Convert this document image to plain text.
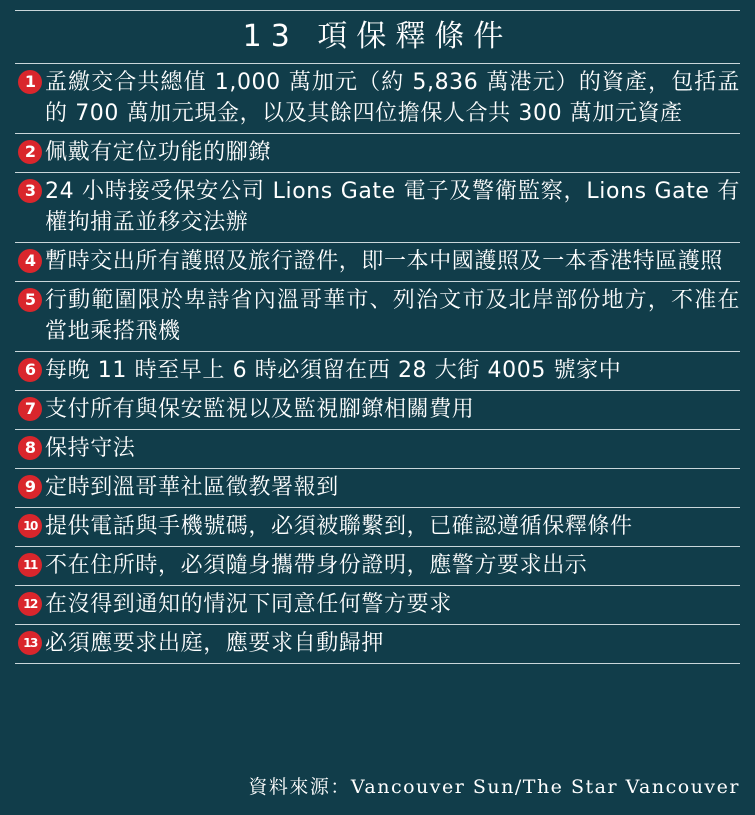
13 項保釋條件
1 孟繳交合共總值 1,000 萬加元（約 5,836 萬港元）的資產，包括孟的 700 萬加元現金，以及其餘四位擔保人合共 300 萬加元資產
2 佩戴有定位功能的腳鐐
3 24 小時接受保安公司 Lions Gate 電子及警衛監察，Lions Gate 有權拘捕孟並移交法辦
4 暫時交出所有護照及旅行證件，即一本中國護照及一本香港特區護照
5 行動範圍限於卑詩省內溫哥華市、列治文市及北岸部份地方，不准在當地乘搭飛機
6 每晚 11 時至早上 6 時必須留在西 28 大街 4005 號家中
7 支付所有與保安監視以及監視腳鐐相關費用
8 保持守法
9 定時到溫哥華社區徵教署報到
10 提供電話與手機號碼，必須被聯繫到，已確認遵循保釋條件
11 不在住所時，必須隨身攜帶身份證明，應警方要求出示
12 在沒得到通知的情況下同意任何警方要求
13 必須應要求出庭，應要求自動歸押
資料來源：Vancouver Sun/The Star Vancouver
